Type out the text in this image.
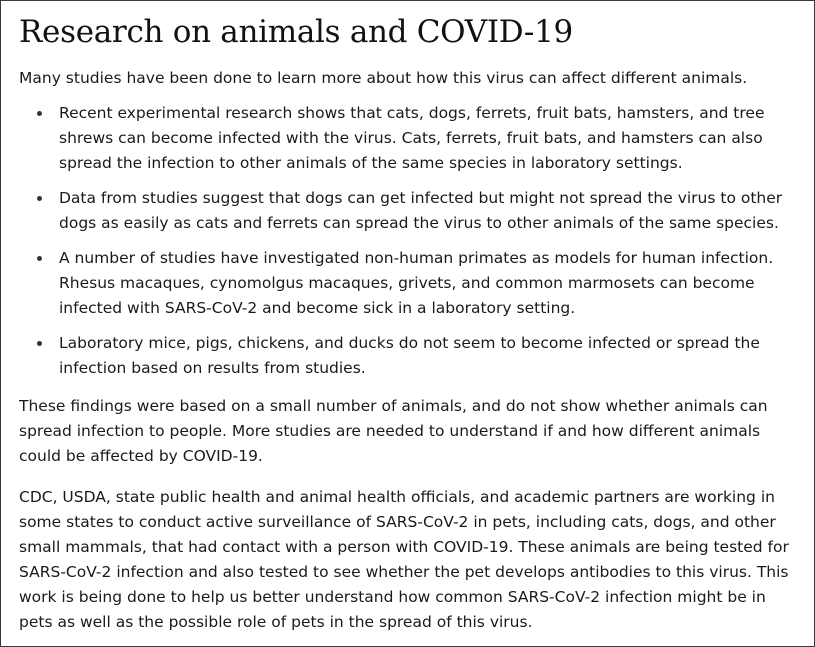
Research on animals and COVID-19

Many studies have been done to learn more about how this virus can affect different animals.

Recent experimental research shows that cats, dogs, ferrets, fruit bats, hamsters, and tree shrews can become infected with the virus. Cats, ferrets, fruit bats, and hamsters can also spread the infection to other animals of the same species in laboratory settings.
Data from studies suggest that dogs can get infected but might not spread the virus to other dogs as easily as cats and ferrets can spread the virus to other animals of the same species.
A number of studies have investigated non-human primates as models for human infection. Rhesus macaques, cynomolgus macaques, grivets, and common marmosets can become infected with SARS-CoV-2 and become sick in a laboratory setting.
Laboratory mice, pigs, chickens, and ducks do not seem to become infected or spread the infection based on results from studies.

These findings were based on a small number of animals, and do not show whether animals can spread infection to people. More studies are needed to understand if and how different animals could be affected by COVID-19.

CDC, USDA, state public health and animal health officials, and academic partners are working in some states to conduct active surveillance of SARS-CoV-2 in pets, including cats, dogs, and other small mammals, that had contact with a person with COVID-19. These animals are being tested for SARS-CoV-2 infection and also tested to see whether the pet develops antibodies to this virus. This work is being done to help us better understand how common SARS-CoV-2 infection might be in pets as well as the possible role of pets in the spread of this virus.
